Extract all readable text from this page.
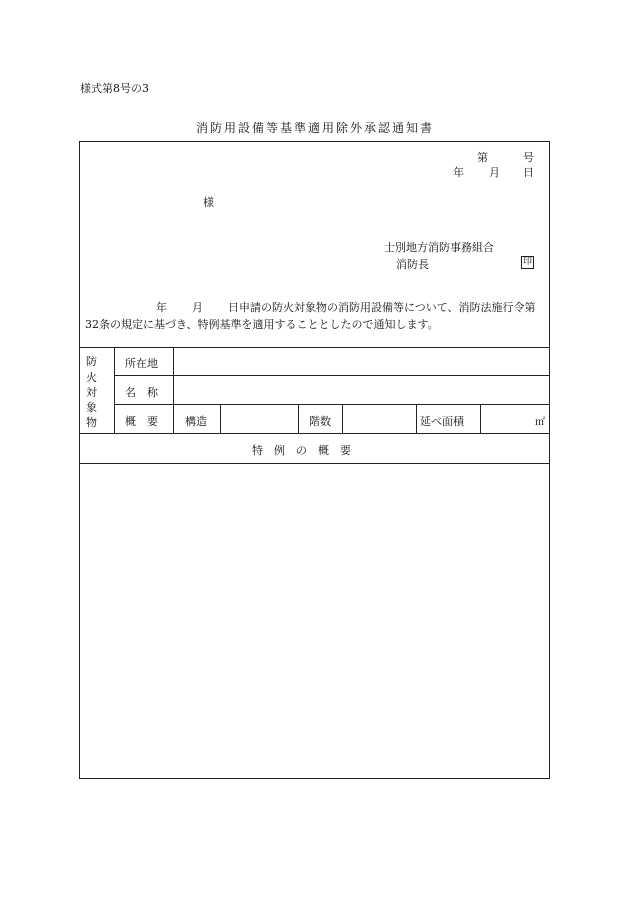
様式第8号の3
消防用設備等基準適用除外承認通知書
第	号
年 月 日
様
士別地方消防事務組合
消防長	印
年 月 日申請の防火対象物の消防用設備等について、消防法施行令第
32条の規定に基づき、特例基準を適用することとしたので通知します。
防
火
対
象
物
所在地
名　称
概　要 構造	階数	延べ面積	㎡
特　例　の　概　要
